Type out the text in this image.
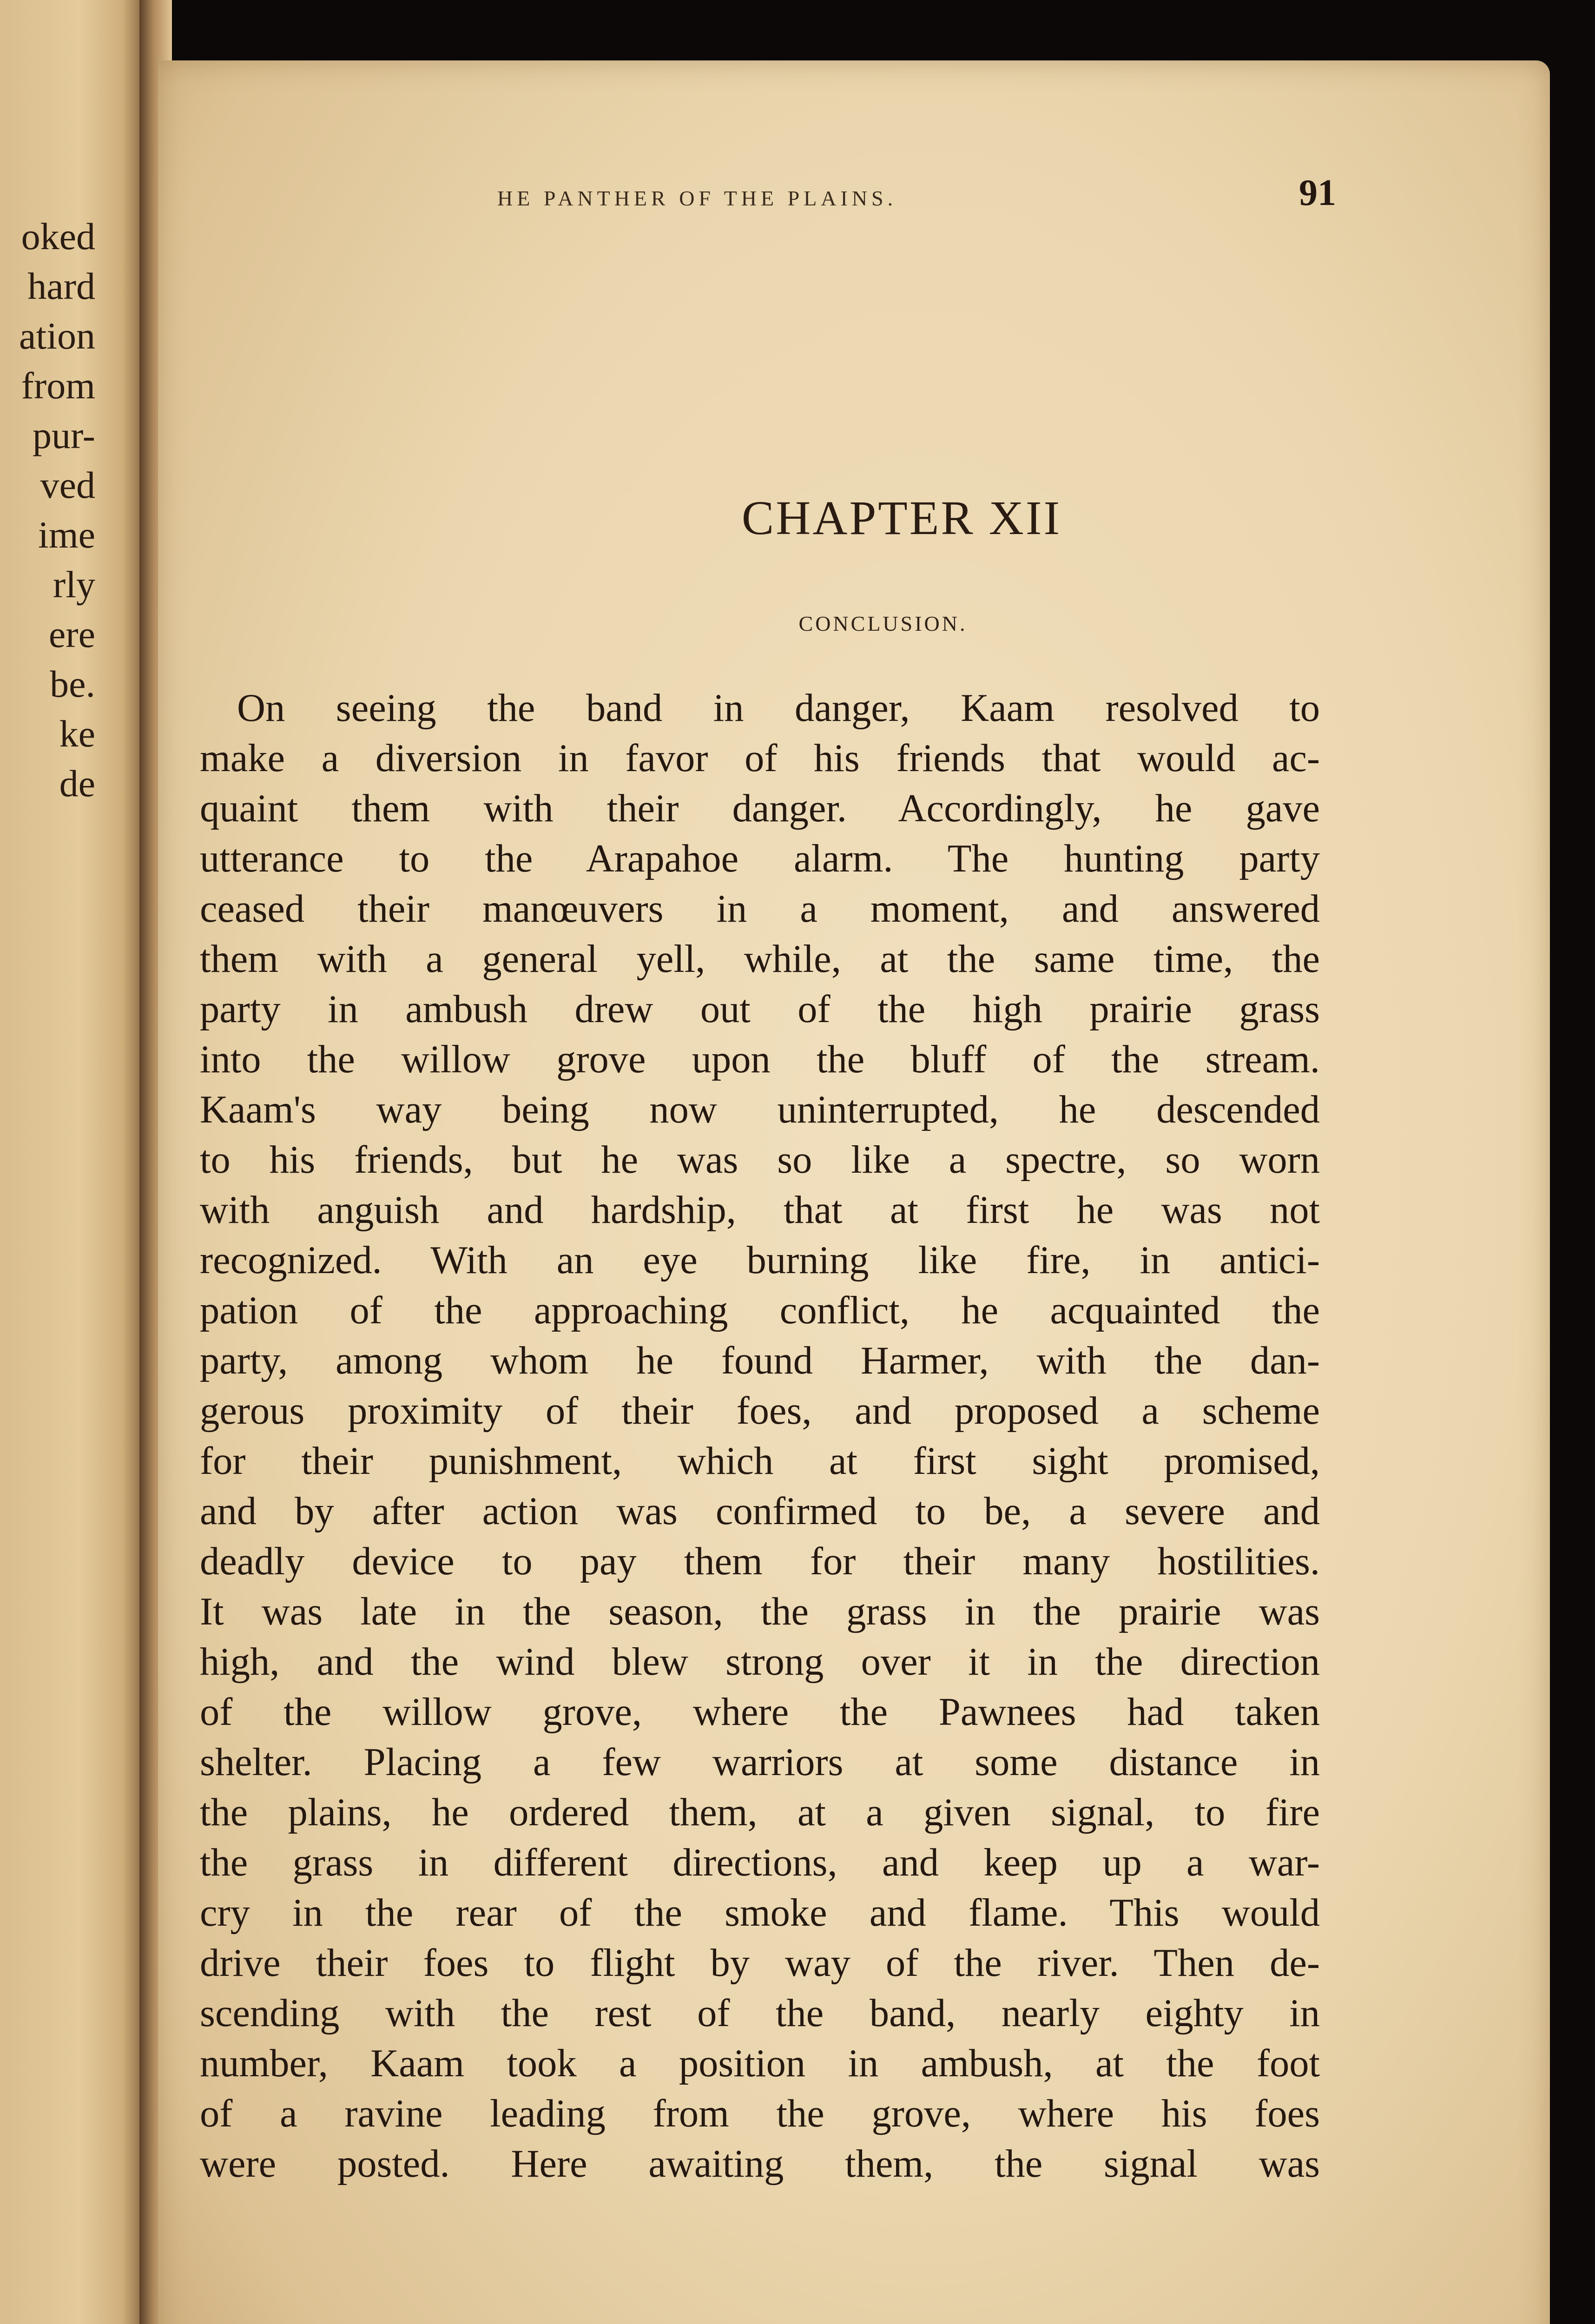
oked
hard
ation
from
pur-
ved
ime
rly
ere
be.
ke
de
HE PANTHER OF THE PLAINS.	91
CHAPTER XII
CONCLUSION.
On seeing the band in danger, Kaam resolved to
make a diversion in favor of his friends that would ac-
quaint them with their danger. Accordingly, he gave
utterance to the Arapahoe alarm. The hunting party
ceased their manœuvers in a moment, and answered
them with a general yell, while, at the same time, the
party in ambush drew out of the high prairie grass
into the willow grove upon the bluff of the stream.
Kaam's way being now uninterrupted, he descended
to his friends, but he was so like a spectre, so worn
with anguish and hardship, that at first he was not
recognized. With an eye burning like fire, in antici-
pation of the approaching conflict, he acquainted the
party, among whom he found Harmer, with the dan-
gerous proximity of their foes, and proposed a scheme
for their punishment, which at first sight promised,
and by after action was confirmed to be, a severe and
deadly device to pay them for their many hostilities.
It was late in the season, the grass in the prairie was
high, and the wind blew strong over it in the direction
of the willow grove, where the Pawnees had taken
shelter. Placing a few warriors at some distance in
the plains, he ordered them, at a given signal, to fire
the grass in different directions, and keep up a war-
cry in the rear of the smoke and flame. This would
drive their foes to flight by way of the river. Then de-
scending with the rest of the band, nearly eighty in
number, Kaam took a position in ambush, at the foot
of a ravine leading from the grove, where his foes
were posted. Here awaiting them, the signal was
